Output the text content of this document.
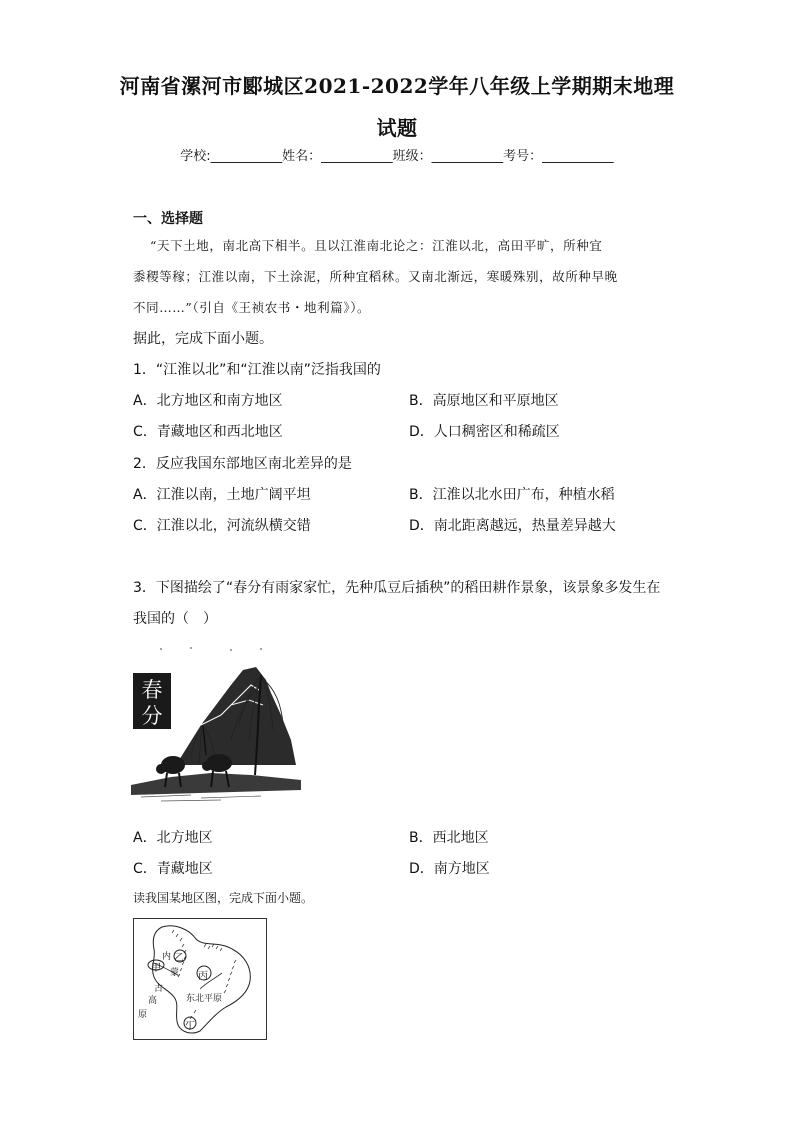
河南省漯河市郾城区2021-2022学年八年级上学期期末地理
试题
学校:___________姓名：___________班级：___________考号：___________
一、选择题
“天下土地，南北高下相半。且以江淮南北论之：江淮以北，高田平旷，所种宜
黍稷等稼；江淮以南，下土涂泥，所种宜稻秫。又南北渐远，寒暖殊别，故所种早晚
不同……”（引自《王祯农书・地利篇》）。
据此，完成下面小题。
1．“江淮以北”和“江淮以南”泛指我国的
A．北方地区和南方地区	B．高原地区和平原地区
C．青藏地区和西北地区	D．人口稠密区和稀疏区
2．反应我国东部地区南北差异的是
A．江淮以南，土地广阔平坦	B．江淮以北水田广布，种植水稻
C．江淮以北，河流纵横交错	D．南北距离越远，热量差异越大
3．下图描绘了“春分有雨家家忙，先种瓜豆后插秧”的稻田耕作景象，该景象多发生在
我国的（　）
春
分
A．北方地区	B．西北地区
C．青藏地区	D．南方地区
读我国某地区图，完成下面小题。
乙
甲
丙
丁
内
蒙
古
高
原
东北平原
